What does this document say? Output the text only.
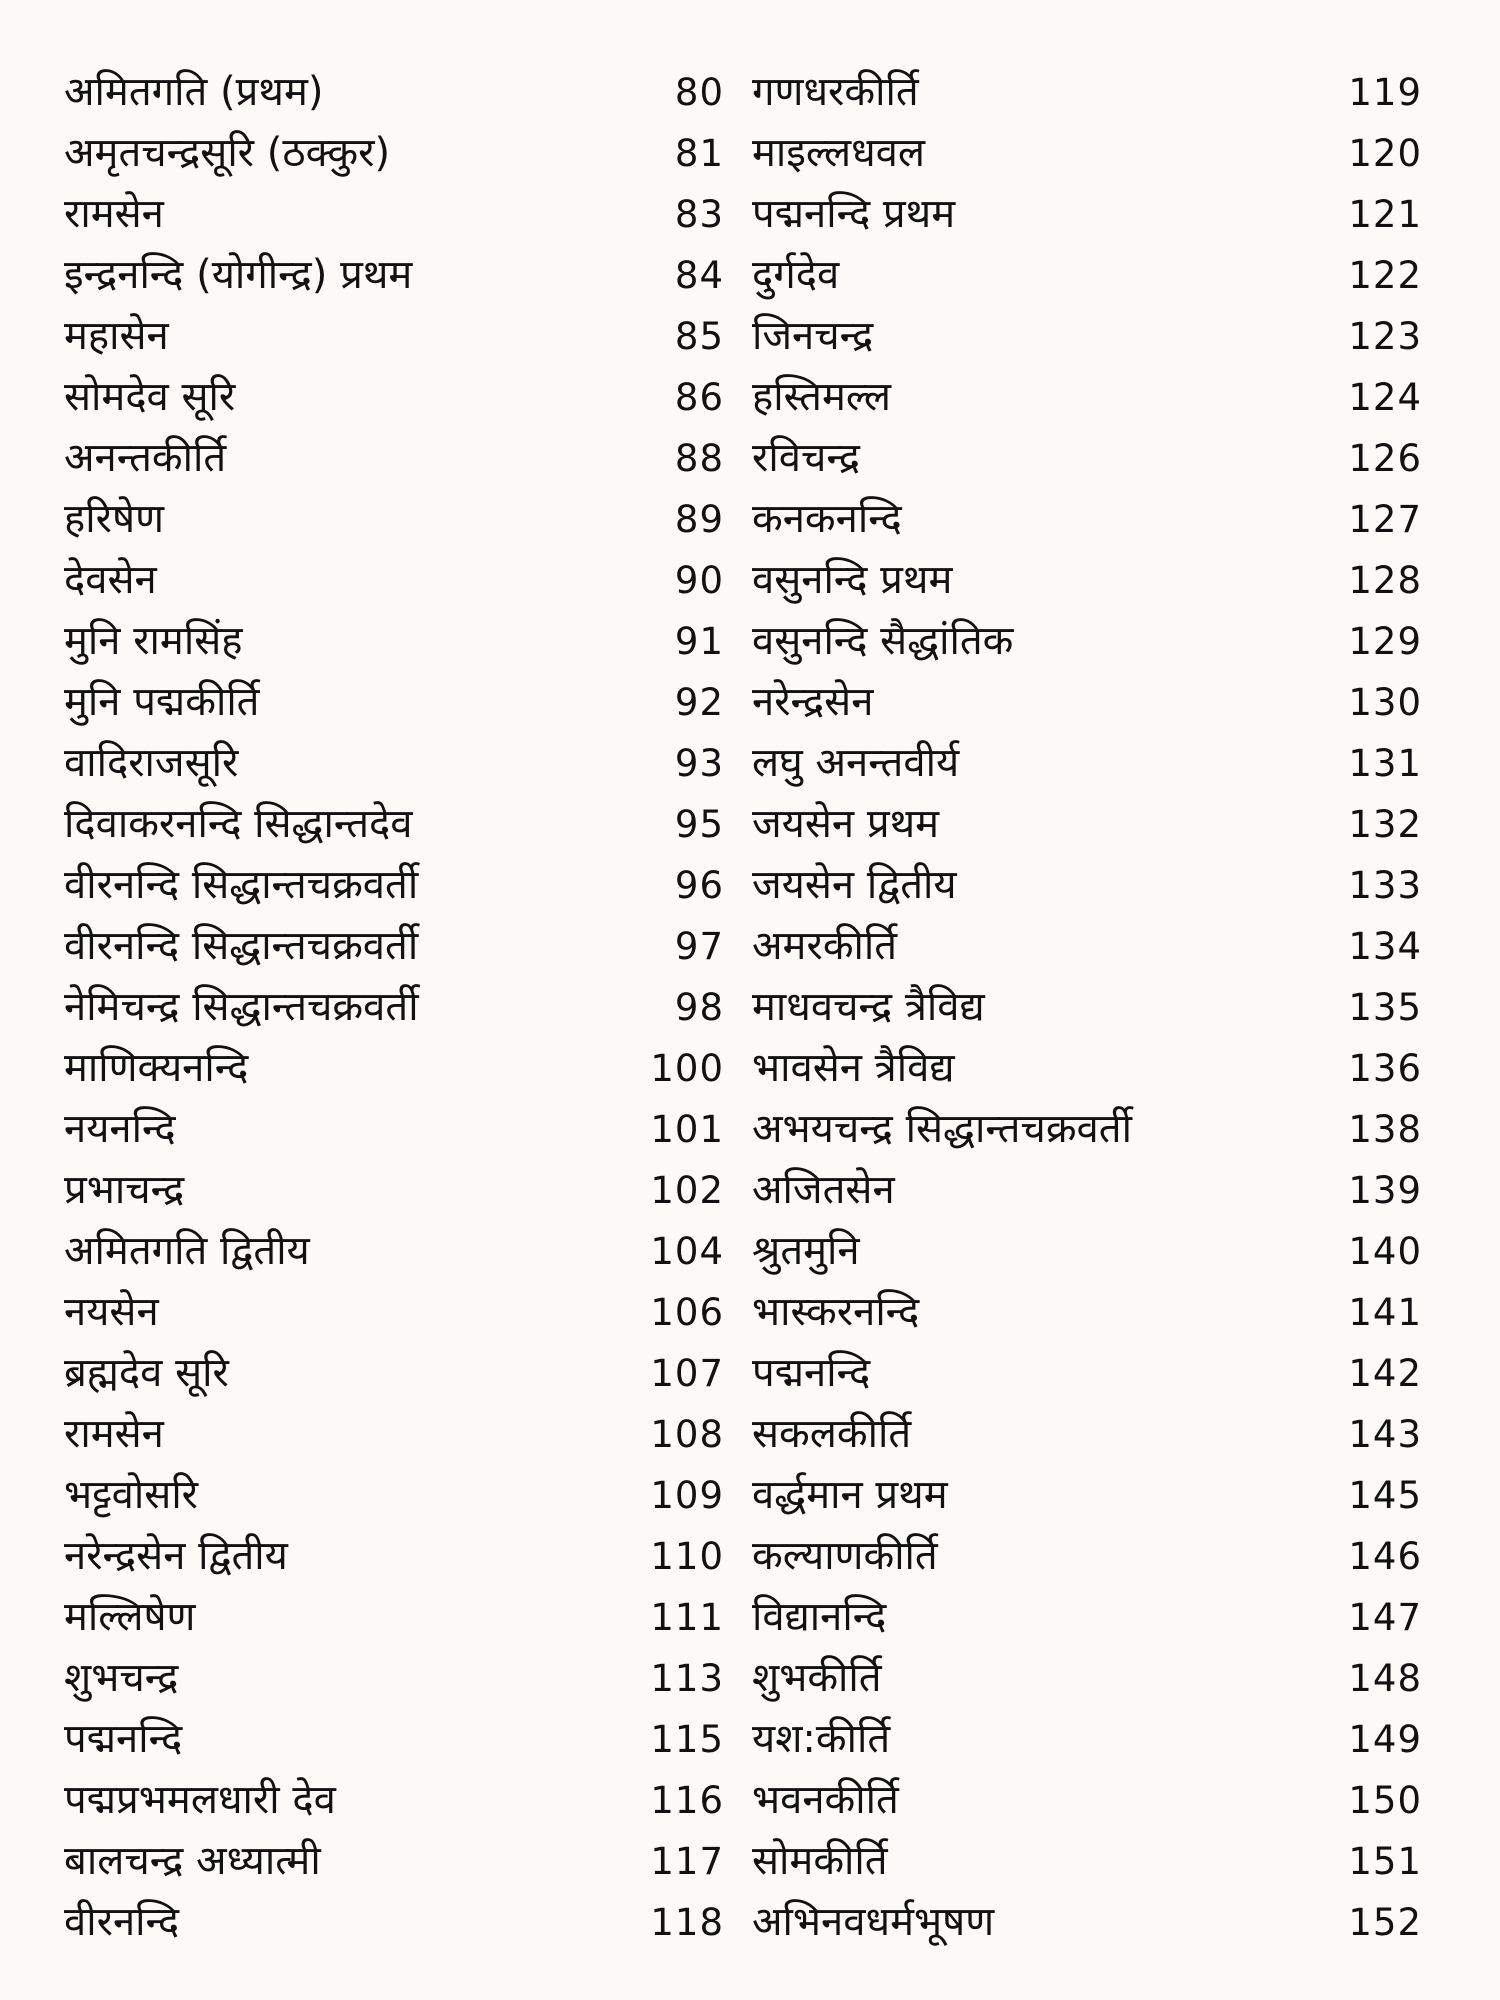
अमितगति (प्रथम)	80
अमृतचन्द्रसूरि (ठक्कुर)	81
रामसेन	83
इन्द्रनन्दि (योगीन्द्र) प्रथम	84
महासेन	85
सोमदेव सूरि	86
अनन्तकीर्ति	88
हरिषेण	89
देवसेन	90
मुनि रामसिंह	91
मुनि पद्मकीर्ति	92
वादिराजसूरि	93
दिवाकरनन्दि सिद्धान्तदेव	95
वीरनन्दि सिद्धान्तचक्रवर्ती	96
वीरनन्दि सिद्धान्तचक्रवर्ती	97
नेमिचन्द्र सिद्धान्तचक्रवर्ती	98
माणिक्यनन्दि	100
नयनन्दि	101
प्रभाचन्द्र	102
अमितगति द्वितीय	104
नयसेन	106
ब्रह्मदेव सूरि	107
रामसेन	108
भट्टवोसरि	109
नरेन्द्रसेन द्वितीय	110
मल्लिषेण	111
शुभचन्द्र	113
पद्मनन्दि	115
पद्मप्रभमलधारी देव	116
बालचन्द्र अध्यात्मी	117
वीरनन्दि	118
गणधरकीर्ति	119
माइल्लधवल	120
पद्मनन्दि प्रथम	121
दुर्गदेव	122
जिनचन्द्र	123
हस्तिमल्ल	124
रविचन्द्र	126
कनकनन्दि	127
वसुनन्दि प्रथम	128
वसुनन्दि सैद्धांतिक	129
नरेन्द्रसेन	130
लघु अनन्तवीर्य	131
जयसेन प्रथम	132
जयसेन द्वितीय	133
अमरकीर्ति	134
माधवचन्द्र त्रैविद्य	135
भावसेन त्रैविद्य	136
अभयचन्द्र सिद्धान्तचक्रवर्ती	138
अजितसेन	139
श्रुतमुनि	140
भास्करनन्दि	141
पद्मनन्दि	142
सकलकीर्ति	143
वर्द्धमान प्रथम	145
कल्याणकीर्ति	146
विद्यानन्दि	147
शुभकीर्ति	148
यश:कीर्ति	149
भवनकीर्ति	150
सोमकीर्ति	151
अभिनवधर्मभूषण	152
